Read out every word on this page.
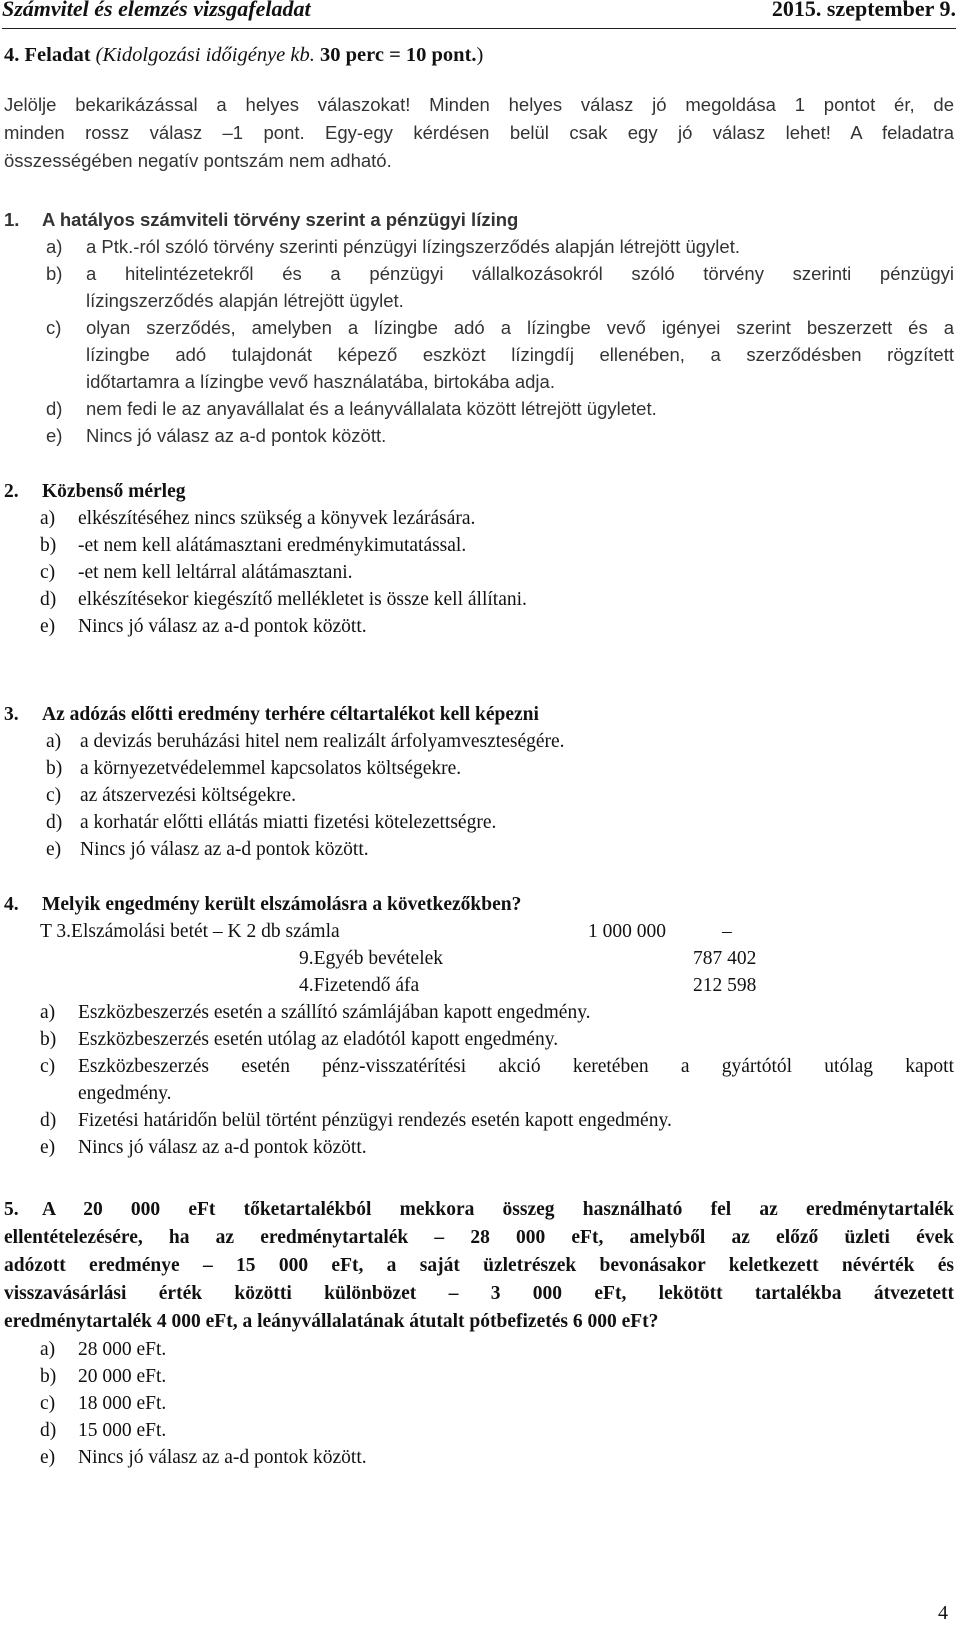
Számvitel és elemzés vizsgafeladat	2015. szeptember 9.
4. Feladat (Kidolgozási időigénye kb. 30 perc = 10 pont.)
Jelölje bekarikázással a helyes válaszokat! Minden helyes válasz jó megoldása 1 pontot ér, de
minden rossz válasz –1 pont. Egy-egy kérdésen belül csak egy jó válasz lehet! A feladatra
összességében negatív pontszám nem adható.
1. A hatályos számviteli törvény szerint a pénzügyi lízing
a) a Ptk.-ról szóló törvény szerinti pénzügyi lízingszerződés alapján létrejött ügylet.
b) a hitelintézetekről és a pénzügyi vállalkozásokról szóló törvény szerinti pénzügyi
lízingszerződés alapján létrejött ügylet.
c) olyan szerződés, amelyben a lízingbe adó a lízingbe vevő igényei szerint beszerzett és a
lízingbe adó tulajdonát képező eszközt lízingdíj ellenében, a szerződésben rögzített
időtartamra a lízingbe vevő használatába, birtokába adja.
d) nem fedi le az anyavállalat és a leányvállalata között létrejött ügyletet.
e) Nincs jó válasz az a-d pontok között.
2. Közbenső mérleg
a) elkészítéséhez nincs szükség a könyvek lezárására.
b) -et nem kell alátámasztani eredménykimutatással.
c) -et nem kell leltárral alátámasztani.
d) elkészítésekor kiegészítő mellékletet is össze kell állítani.
e) Nincs jó válasz az a-d pontok között.
3. Az adózás előtti eredmény terhére céltartalékot kell képezni
a) a devizás beruházási hitel nem realizált árfolyamveszteségére.
b) a környezetvédelemmel kapcsolatos költségekre.
c) az átszervezési költségekre.
d) a korhatár előtti ellátás miatti fizetési kötelezettségre.
e) Nincs jó válasz az a-d pontok között.
4. Melyik engedmény került elszámolásra a következőkben?
T 3.Elszámolási betét – K 2 db számla	1 000 000	–
9.Egyéb bevételek	787 402
4.Fizetendő áfa	212 598
a) Eszközbeszerzés esetén a szállító számlájában kapott engedmény.
b) Eszközbeszerzés esetén utólag az eladótól kapott engedmény.
c) Eszközbeszerzés esetén pénz-visszatérítési akció keretében a gyártótól utólag kapott
engedmény.
d) Fizetési határidőn belül történt pénzügyi rendezés esetén kapott engedmény.
e) Nincs jó válasz az a-d pontok között.
5. A 20 000 eFt tőketartalékból mekkora összeg használható fel az eredménytartalék
ellentételezésére, ha az eredménytartalék – 28 000 eFt, amelyből az előző üzleti évek
adózott eredménye – 15 000 eFt, a saját üzletrészek bevonásakor keletkezett névérték és
visszavásárlási érték közötti különbözet – 3 000 eFt, lekötött tartalékba átvezetett
eredménytartalék 4 000 eFt, a leányvállalatának átutalt pótbefizetés 6 000 eFt?
a) 28 000 eFt.
b) 20 000 eFt.
c) 18 000 eFt.
d) 15 000 eFt.
e) Nincs jó válasz az a-d pontok között.
4
